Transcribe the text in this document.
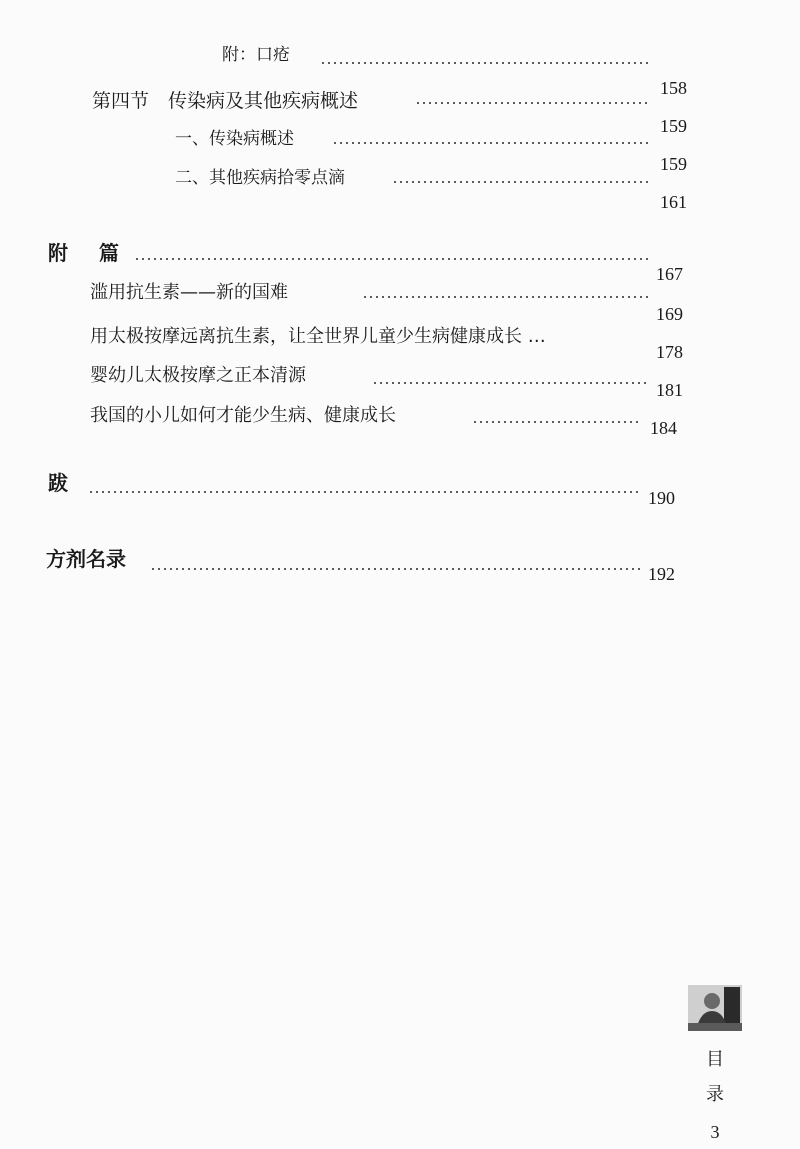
附：口疮
158
第四节　传染病及其他疾病概述
159
一、传染病概述
159
二、其他疾病拾零点滴
161
附 篇
167
滥用抗生素——新的国难
169
用太极按摩远离抗生素，让全世界儿童少生病健康成长 …
178
婴幼儿太极按摩之正本清源
181
我国的小儿如何才能少生病、健康成长
184
跋
190
方剂名录
192
目
录
3
